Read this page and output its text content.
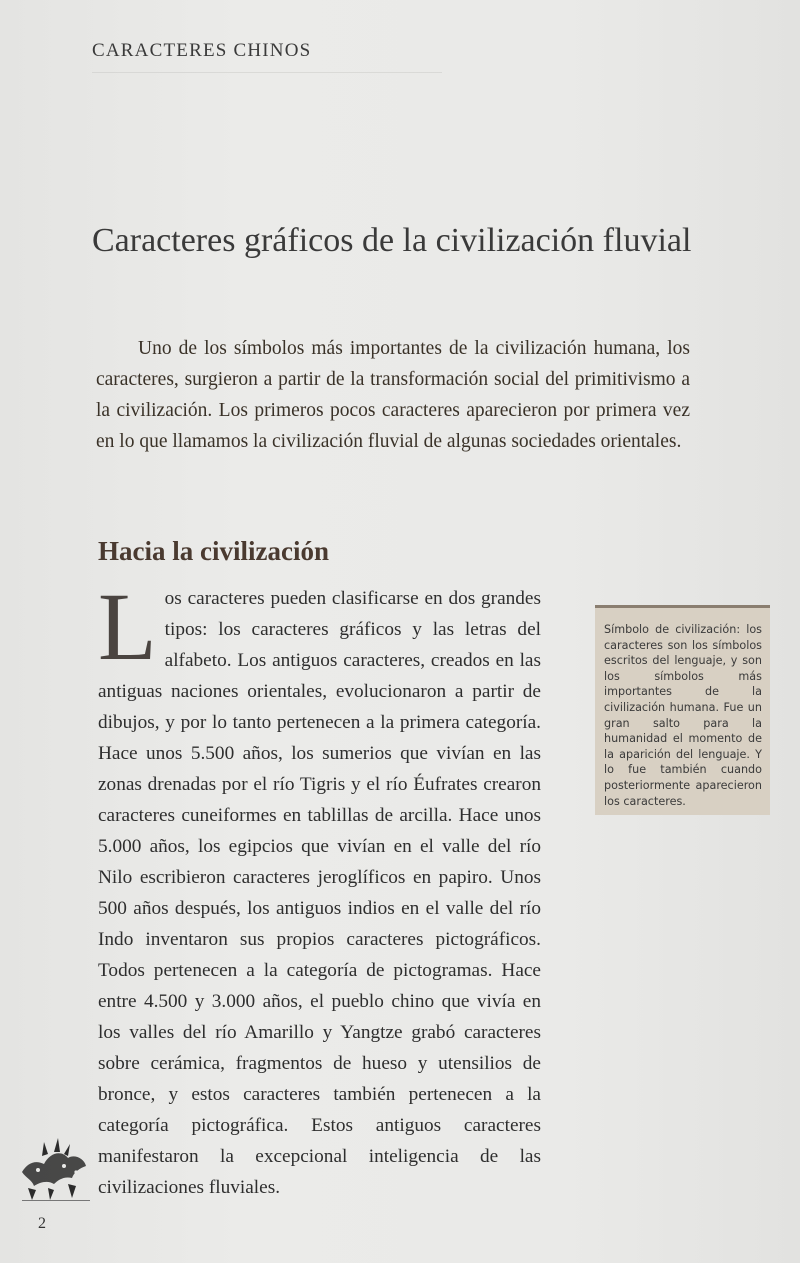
CARACTERES CHINOS
Caracteres gráficos de la civilización fluvial

Uno de los símbolos más importantes de la civilización humana, los caracteres, surgieron a partir de la transformación social del primitivismo a la civilización. Los primeros pocos caracteres aparecieron por primera vez en lo que llamamos la civilización fluvial de algunas sociedades orientales.

Hacia la civilización
L os caracteres pueden clasificarse en dos grandes tipos: los caracteres gráficos y las letras del alfabeto. Los antiguos caracteres, creados en las antiguas naciones orientales, evolucionaron a partir de dibujos, y por lo tanto pertenecen a la primera categoría. Hace unos 5.500 años, los sumerios que vivían en las zonas drenadas por el río Tigris y el río Éufrates crearon caracteres cuneiformes en tablillas de arcilla. Hace unos 5.000 años, los egipcios que vivían en el valle del río Nilo escribieron caracteres jeroglíficos en papiro. Unos 500 años después, los antiguos indios en el valle del río Indo inventaron sus propios caracteres pictográficos. Todos pertenecen a la categoría de pictogramas. Hace entre 4.500 y 3.000 años, el pueblo chino que vivía en los valles del río Amarillo y Yangtze grabó caracteres sobre cerámica, fragmentos de hueso y utensilios de bronce, y estos caracteres también pertenecen a la categoría pictográfica. Estos antiguos caracteres manifestaron la excepcional inteligencia de las civilizaciones fluviales.
Símbolo de civilización: los caracteres son los símbolos escritos del lenguaje, y son los símbolos más importantes de la civilización humana. Fue un gran salto para la humanidad el momento de la aparición del lenguaje. Y lo fue también cuando posteriormente aparecieron los caracteres.
2
